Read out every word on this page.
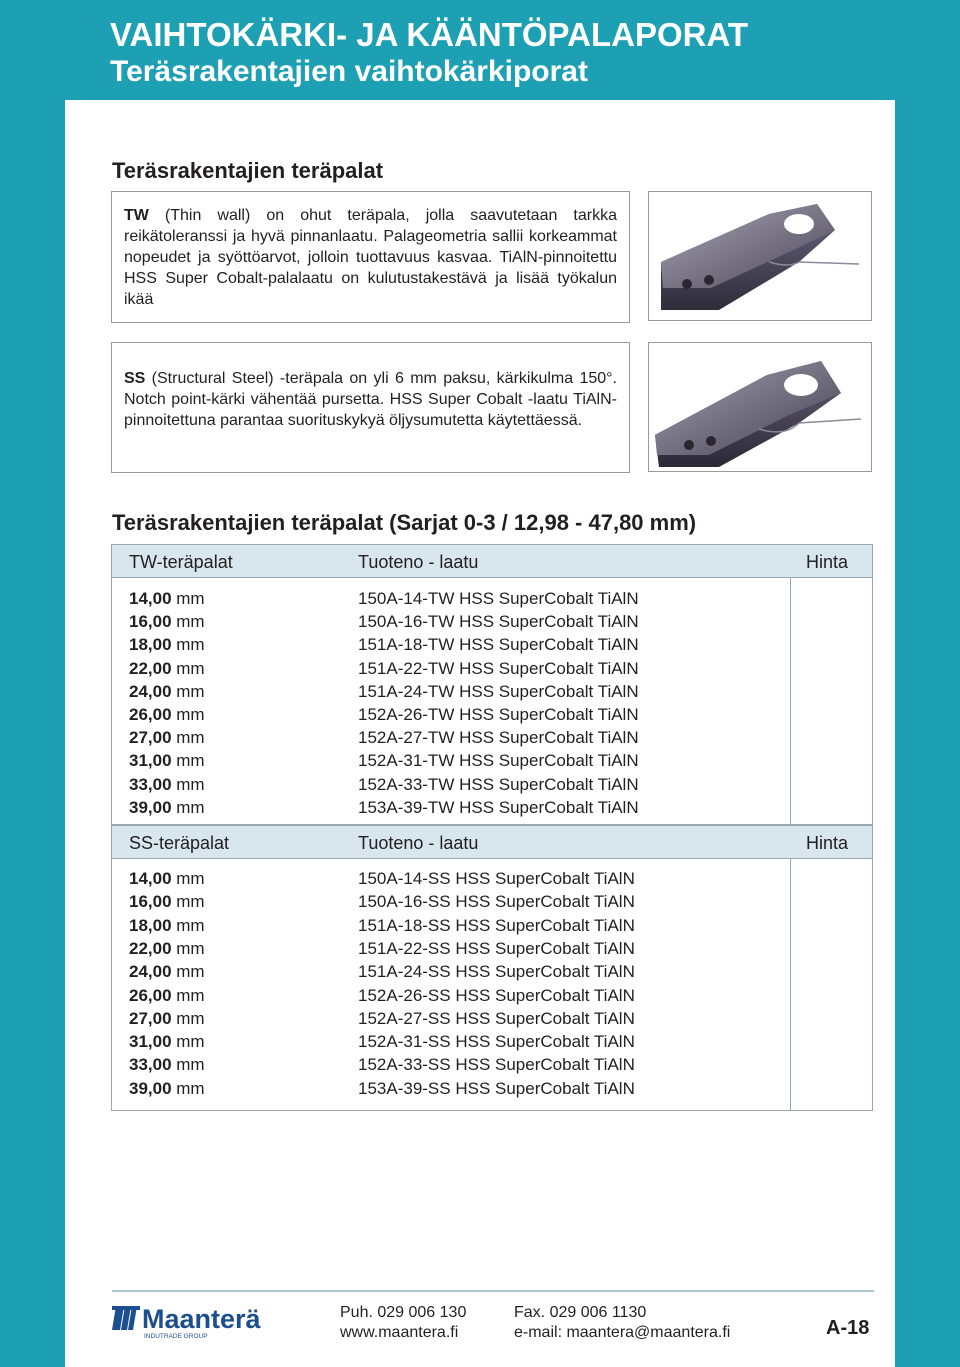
VAIHTOKÄRKI- JA KÄÄNTÖPALAPORAT
Teräsrakentajien vaihtokärkiporat
Teräsrakentajien teräpalat
TW (Thin wall) on ohut teräpala, jolla saavutetaan tarkka reikätoleranssi ja hyvä pinnanlaatu. Palageometria sallii korkeammat nopeudet ja syöttöarvot, jolloin tuottavuus kasvaa. TiAlN-pinnoitettu HSS Super Cobalt-palalaatu on kulutustakestävä ja lisää työkalun ikää
SS (Structural Steel) -teräpala on yli 6 mm paksu, kärkikulma 150°. Notch point-kärki vähentää pursetta. HSS Super Cobalt -laatu TiAlN-pinnoitettuna parantaa suorituskykyä öljysumutetta käytettäessä.
Teräsrakentajien teräpalat (Sarjat 0-3 / 12,98 - 47,80 mm)
TW-teräpalat	Tuoteno - laatu	Hinta
14,00 mm	150A-14-TW HSS SuperCobalt TiAlN
16,00 mm	150A-16-TW HSS SuperCobalt TiAlN
18,00 mm	151A-18-TW HSS SuperCobalt TiAlN
22,00 mm	151A-22-TW HSS SuperCobalt TiAlN
24,00 mm	151A-24-TW HSS SuperCobalt TiAlN
26,00 mm	152A-26-TW HSS SuperCobalt TiAlN
27,00 mm	152A-27-TW HSS SuperCobalt TiAlN
31,00 mm	152A-31-TW HSS SuperCobalt TiAlN
33,00 mm	152A-33-TW HSS SuperCobalt TiAlN
39,00 mm	153A-39-TW HSS SuperCobalt TiAlN
SS-teräpalat	Tuoteno - laatu	Hinta
14,00 mm	150A-14-SS HSS SuperCobalt TiAlN
16,00 mm	150A-16-SS HSS SuperCobalt TiAlN
18,00 mm	151A-18-SS HSS SuperCobalt TiAlN
22,00 mm	151A-22-SS HSS SuperCobalt TiAlN
24,00 mm	151A-24-SS HSS SuperCobalt TiAlN
26,00 mm	152A-26-SS HSS SuperCobalt TiAlN
27,00 mm	152A-27-SS HSS SuperCobalt TiAlN
31,00 mm	152A-31-SS HSS SuperCobalt TiAlN
33,00 mm	152A-33-SS HSS SuperCobalt TiAlN
39,00 mm	153A-39-SS HSS SuperCobalt TiAlN
Maanterä
INDUTRADE GROUP
Puh. 029 006 130
www.maantera.fi
Fax. 029 006 1130
e-mail: maantera@maantera.fi	A-18
